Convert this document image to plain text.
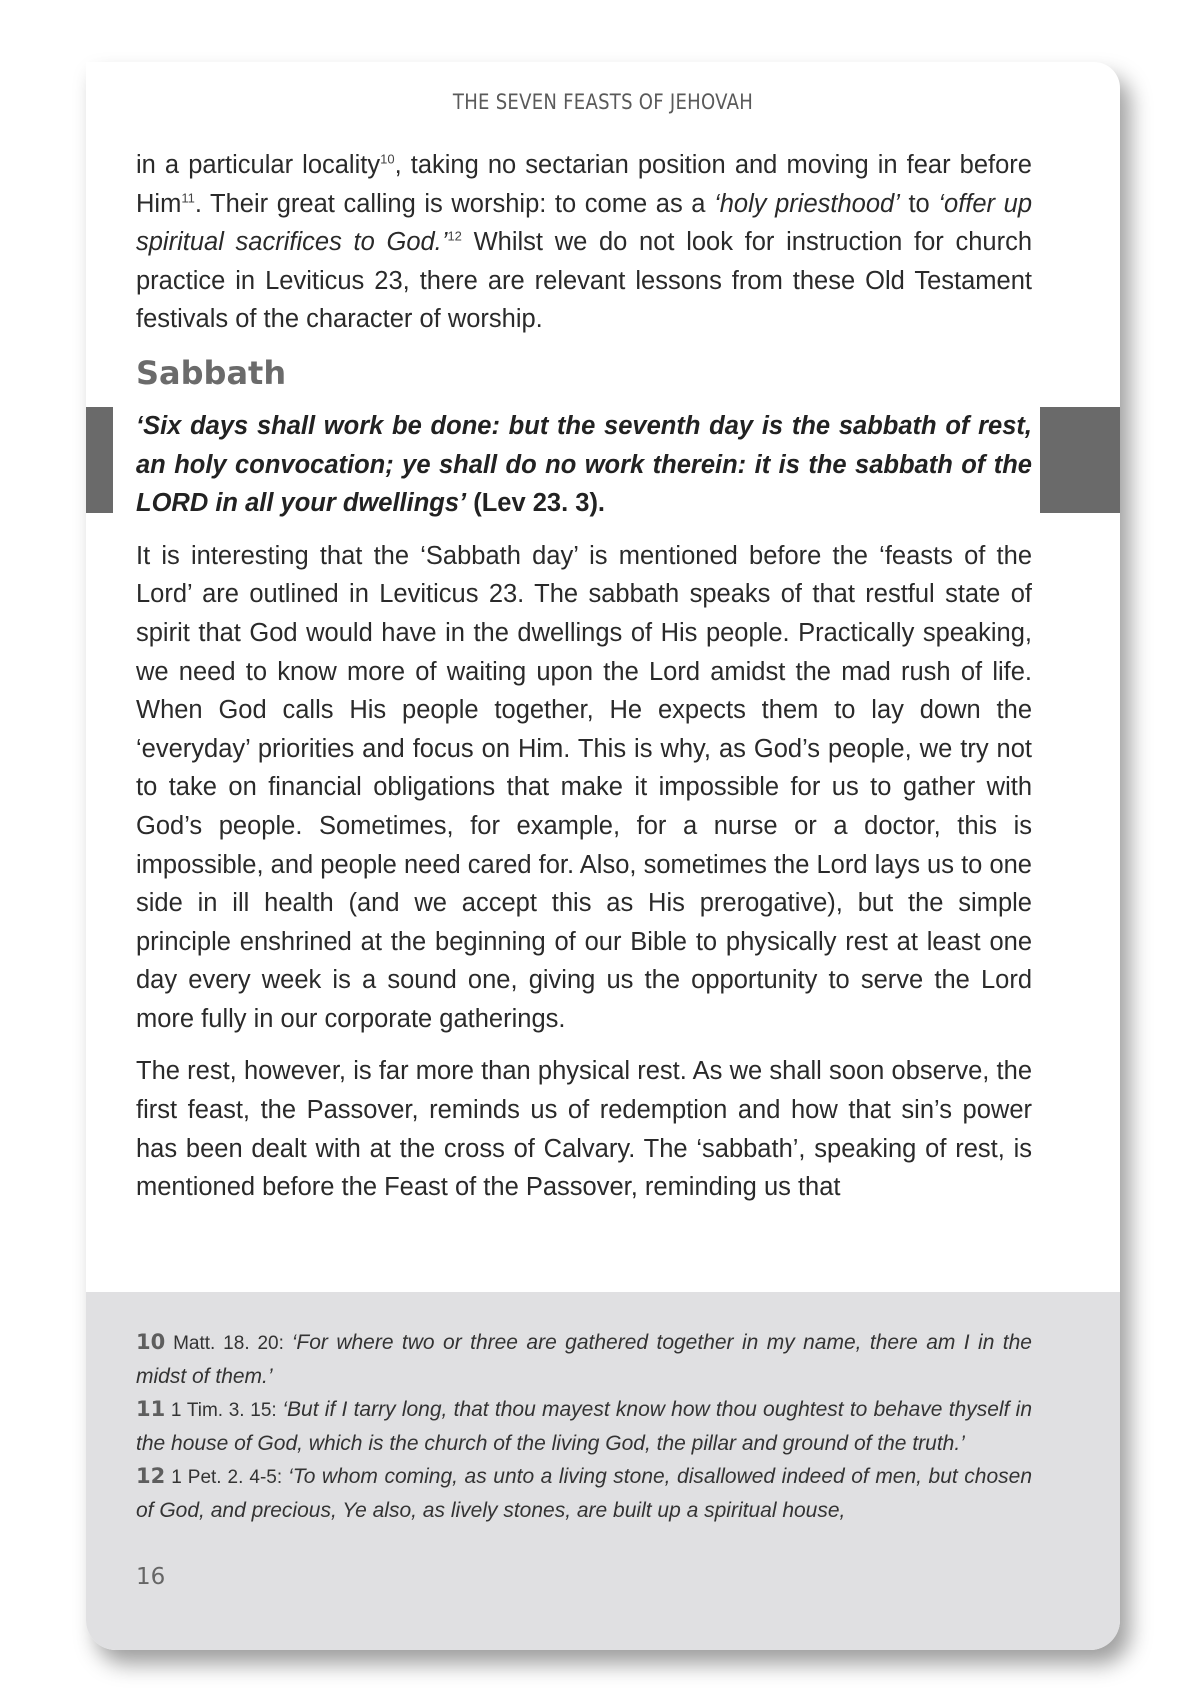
THE SEVEN FEASTS OF JEHOVAH

in a particular locality$^{10}$, taking no sectarian position and moving in fear before Him$^{11}$. Their great calling is worship: to come as a ‘holy priesthood’ to ‘offer up spiritual sacrifices to God.’$^{12}$ Whilst we do not look for instruction for church practice in Leviticus 23, there are relevant lessons from these Old Testament festivals of the character of worship.

Sabbath

‘Six days shall work be done: but the seventh day is the sabbath of rest, an holy convocation; ye shall do no work therein: it is the sabbath of the LORD in all your dwellings’ (Lev 23. 3).

It is interesting that the ‘Sabbath day’ is mentioned before the ‘feasts of the Lord’ are outlined in Leviticus 23. The sabbath speaks of that restful state of spirit that God would have in the dwellings of His people. Practically speaking, we need to know more of waiting upon the Lord amidst the mad rush of life. When God calls His people together, He expects them to lay down the ‘everyday’ priorities and focus on Him. This is why, as God’s people, we try not to take on financial obligations that make it impossible for us to gather with God’s people. Sometimes, for example, for a nurse or a doctor, this is impossible, and people need cared for. Also, sometimes the Lord lays us to one side in ill health (and we accept this as His prerogative), but the simple principle enshrined at the beginning of our Bible to physically rest at least one day every week is a sound one, giving us the opportunity to serve the Lord more fully in our corporate gatherings.

The rest, however, is far more than physical rest. As we shall soon observe, the first feast, the Passover, reminds us of redemption and how that sin’s power has been dealt with at the cross of Calvary. The ‘sabbath’, speaking of rest, is mentioned before the Feast of the Passover, reminding us that

10 Matt. 18. 20: ‘For where two or three are gathered together in my name, there am I in the midst of them.’

11 1 Tim. 3. 15: ‘But if I tarry long, that thou mayest know how thou oughtest to behave thyself in the house of God, which is the church of the living God, the pillar and ground of the truth.’

12 1 Pet. 2. 4-5: ‘To whom coming, as unto a living stone, disallowed indeed of men, but chosen of God, and precious, Ye also, as lively stones, are built up a spiritual house,

16
